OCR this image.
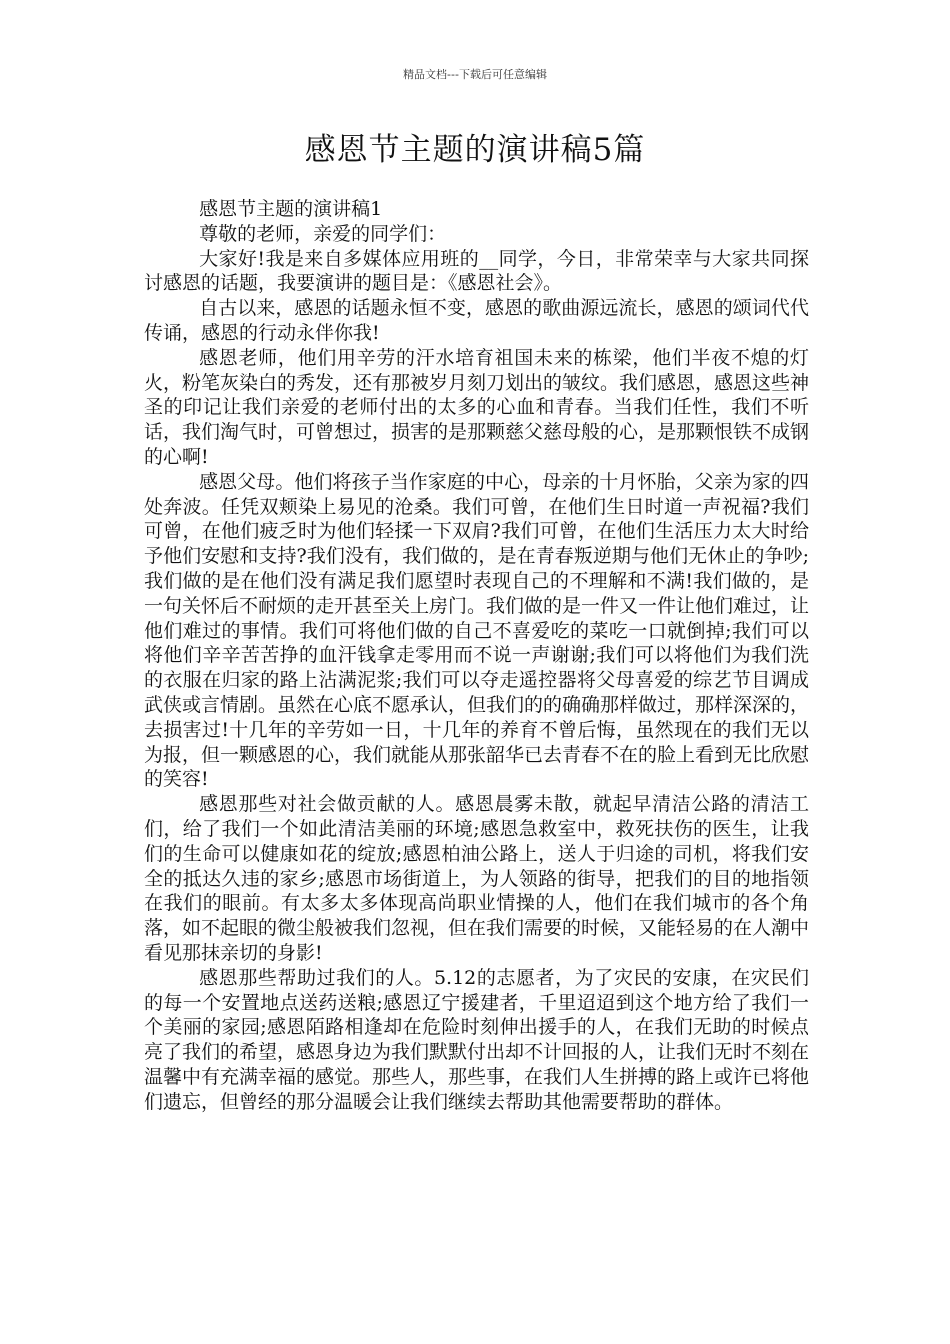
精品文档---下载后可任意编辑
感恩节主题的演讲稿5篇

感恩节主题的演讲稿1

尊敬的老师，亲爱的同学们：

大家好!我是来自多媒体应用班的__同学，今日，非常荣幸与大家共同探讨感恩的话题，我要演讲的题目是：《感恩社会》。

自古以来，感恩的话题永恒不变，感恩的歌曲源远流长，感恩的颂词代代传诵，感恩的行动永伴你我!

感恩老师，他们用辛劳的汗水培育祖国未来的栋梁，他们半夜不熄的灯火，粉笔灰染白的秀发，还有那被岁月刻刀划出的皱纹。我们感恩，感恩这些神圣的印记让我们亲爱的老师付出的太多的心血和青春。当我们任性，我们不听话，我们淘气时，可曾想过，损害的是那颗慈父慈母般的心，是那颗恨铁不成钢的心啊!

感恩父母。他们将孩子当作家庭的中心，母亲的十月怀胎，父亲为家的四处奔波。任凭双颊染上易见的沧桑。我们可曾，在他们生日时道一声祝福?我们可曾，在他们疲乏时为他们轻揉一下双肩?我们可曾，在他们生活压力太大时给予他们安慰和支持?我们没有，我们做的，是在青春叛逆期与他们无休止的争吵;我们做的是在他们没有满足我们愿望时表现自己的不理解和不满!我们做的，是一句关怀后不耐烦的走开甚至关上房门。我们做的是一件又一件让他们难过，让他们难过的事情。我们可将他们做的自己不喜爱吃的菜吃一口就倒掉;我们可以将他们辛辛苦苦挣的血汗钱拿走零用而不说一声谢谢;我们可以将他们为我们洗的衣服在归家的路上沾满泥浆;我们可以夺走遥控器将父母喜爱的综艺节目调成武侠或言情剧。虽然在心底不愿承认，但我们的的确确那样做过，那样深深的，去损害过!十几年的辛劳如一日，十几年的养育不曾后悔，虽然现在的我们无以为报，但一颗感恩的心，我们就能从那张韶华已去青春不在的脸上看到无比欣慰的笑容!

感恩那些对社会做贡献的人。感恩晨雾未散，就起早清洁公路的清洁工们，给了我们一个如此清洁美丽的环境;感恩急救室中，救死扶伤的医生，让我们的生命可以健康如花的绽放;感恩柏油公路上，送人于归途的司机，将我们安全的抵达久违的家乡;感恩市场街道上，为人领路的街导，把我们的目的地指领在我们的眼前。有太多太多体现高尚职业情操的人，他们在我们城市的各个角落，如不起眼的微尘般被我们忽视，但在我们需要的时候，又能轻易的在人潮中看见那抹亲切的身影!

感恩那些帮助过我们的人。5.12的志愿者，为了灾民的安康，在灾民们的每一个安置地点送药送粮;感恩辽宁援建者，千里迢迢到这个地方给了我们一个美丽的家园;感恩陌路相逢却在危险时刻伸出援手的人，在我们无助的时候点亮了我们的希望，感恩身边为我们默默付出却不计回报的人，让我们无时不刻在温馨中有充满幸福的感觉。那些人，那些事，在我们人生拼搏的路上或许已将他们遗忘，但曾经的那分温暖会让我们继续去帮助其他需要帮助的群体。
